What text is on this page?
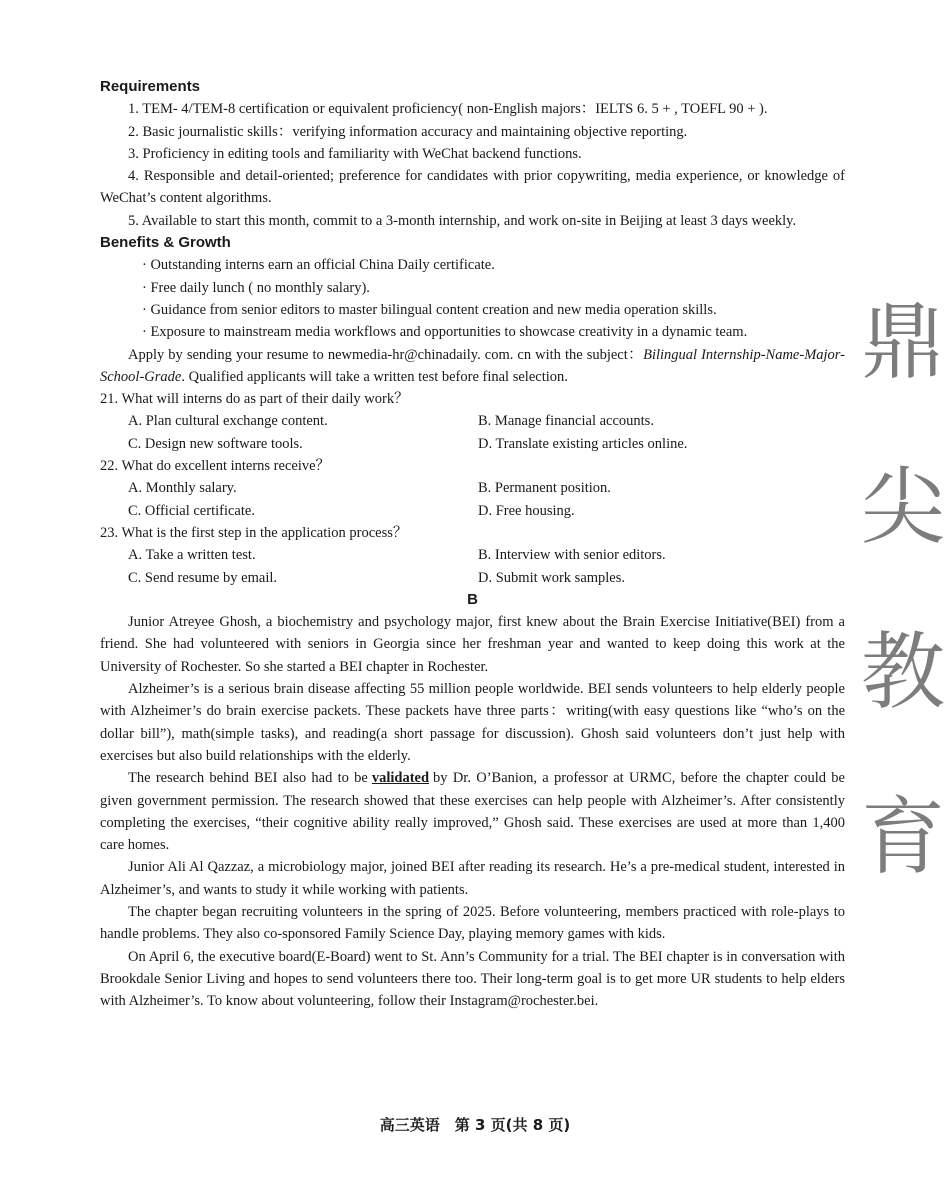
Requirements

1. TEM- 4/TEM-8 certification or equivalent proficiency( non-English majors：IELTS 6. 5 + , TOEFL 90 + ).

2. Basic journalistic skills：verifying information accuracy and maintaining objective reporting.

3. Proficiency in editing tools and familiarity with WeChat backend functions.

4. Responsible and detail-oriented; preference for candidates with prior copywriting, media experience, or knowledge of WeChat’s content algorithms.

5. Available to start this month, commit to a 3-month internship, and work on-site in Beijing at least 3 days weekly.

Benefits & Growth

· Outstanding interns earn an official China Daily certificate.

· Free daily lunch ( no monthly salary).

· Guidance from senior editors to master bilingual content creation and new media operation skills.

· Exposure to mainstream media workflows and opportunities to showcase creativity in a dynamic team.

Apply by sending your resume to newmedia-hr@chinadaily. com. cn with the subject：Bilingual Internship-Name-Major-School-Grade. Qualified applicants will take a written test before final selection.

21. What will interns do as part of their daily work？

A. Plan cultural exchange content.	B. Manage financial accounts.
C. Design new software tools.	D. Translate existing articles online.

22. What do excellent interns receive？

A. Monthly salary.	B. Permanent position.
C. Official certificate.	D. Free housing.

23. What is the first step in the application process？

A. Take a written test.	B. Interview with senior editors.
C. Send resume by email.	D. Submit work samples.

B

Junior Atreyee Ghosh, a biochemistry and psychology major, first knew about the Brain Exercise Initiative(BEI) from a friend. She had volunteered with seniors in Georgia since her freshman year and wanted to keep doing this work at the University of Rochester. So she started a BEI chapter in Rochester.

Alzheimer’s is a serious brain disease affecting 55 million people worldwide. BEI sends volunteers to help elderly people with Alzheimer’s do brain exercise packets. These packets have three parts：writing(with easy questions like “who’s on the dollar bill”), math(simple tasks), and reading(a short passage for discussion). Ghosh said volunteers don’t just help with exercises but also build relationships with the elderly.

The research behind BEI also had to be validated by Dr. O’Banion, a professor at URMC, before the chapter could be given government permission. The research showed that these exercises can help people with Alzheimer’s. After consistently completing the exercises, “their cognitive ability really improved,” Ghosh said. These exercises are used at more than 1,400 care homes.

Junior Ali Al Qazzaz, a microbiology major, joined BEI after reading its research. He’s a pre-medical student, interested in Alzheimer’s, and wants to study it while working with patients.

The chapter began recruiting volunteers in the spring of 2025. Before volunteering, members practiced with role-plays to handle problems. They also co-sponsored Family Science Day, playing memory games with kids.

On April 6, the executive board(E-Board) went to St. Ann’s Community for a trial. The BEI chapter is in conversation with Brookdale Senior Living and hopes to send volunteers there too. Their long-term goal is to get more UR students to help elders with Alzheimer’s. To know about volunteering, follow their Instagram@rochester.bei.

鼎
尖
教
育
高三英语　第 3 页(共 8 页)
